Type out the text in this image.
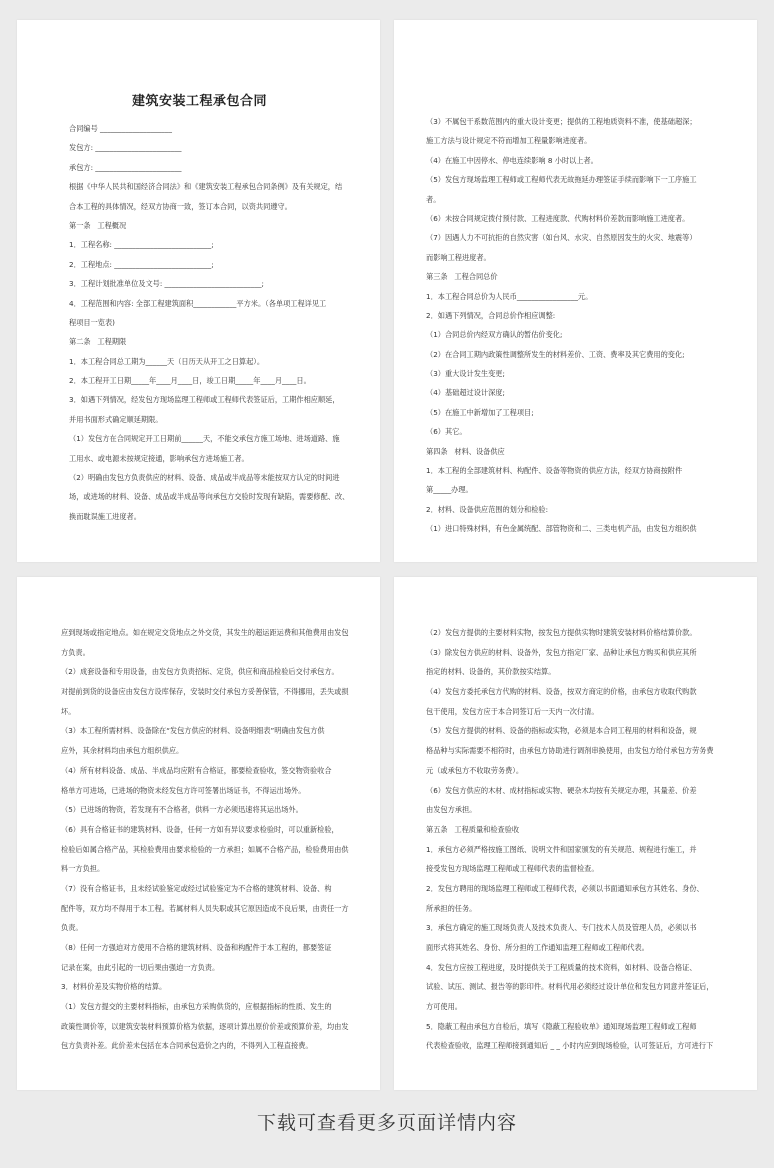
建筑安装工程承包合同
合同编号 ____________________
发包方: ________________________
承包方: ________________________
根据《中华人民共和国经济合同法》和《建筑安装工程承包合同条例》及有关规定，结
合本工程的具体情况，经双方协商一致，签订本合同，以资共同遵守。
第一条   工程概况
1．工程名称: ___________________________;
2．工程地点: ___________________________;
3．工程计划批准单位及文号: ___________________________;
4．工程范围和内容: 全部工程建筑面积____________平方米。（各单项工程详见工
程项目一览表)
第二条   工程期限
1．本工程合同总工期为______天（日历天从开工之日算起）。
2．本工程开工日期_____年____月____日，竣工日期_____年____月____日。
3．如遇下列情况，经发包方现场监理工程师或工程师代表签证后，工期作相应顺延，
并用书面形式确定顺延期限。
（1）发包方在合同规定开工日期前______天，不能交承包方施工场地、进场道路、施
工用水、或电源未按规定接通，影响承包方进场施工者。
（2）明确由发包方负责供应的材料、设备、成品或半成品等未能按双方认定的时间进
场，或进场的材料、设备、成品或半成品等向承包方交验时发现有缺陷，需要修配、改、
换而耽误施工进度者。
（3）不属包干系数范围内的重大设计变更；提供的工程地质资料不准，使基础超深；
施工方法与设计规定不符而增加工程量影响进度者。
（4）在施工中因停水、停电连续影响 8 小时以上者。
（5）发包方现场监理工程师或工程师代表无故拖延办理签证手续而影响下一工序施工
者。
（6）未按合同规定拨付预付款、工程进度款、代购材料价差款而影响施工进度者。
（7）因遇人力不可抗拒的自然灾害（如台风、水灾、自然原因发生的火灾、地震等）
而影响工程进度者。
第三条   工程合同总价
1．本工程合同总价为人民币_________________元。
2．如遇下列情况，合同总价作相应调整:
（1）合同总价内经双方确认的暂估价变化;
（2）在合同工期内政策性调整所发生的材料差价、工资、费率及其它费用的变化;
（3）重大设计发生变更;
（4）基础超过设计深度;
（5）在施工中新增加了工程项目;
（6）其它。
第四条   材料、设备供应
1．本工程的全部建筑材料、构配件、设备等物资的供应方法，经双方协商按附件
第_____办理。
2．材料、设备供应范围的划分和检验:
（1）进口特殊材料，有色金属统配、部管物资和二、三类电机产品，由发包方组织供
应到现场或指定地点。如在规定交货地点之外交货，其发生的超运距运费和其他费用由发包
方负责。
（2）成套设备和专用设备，由发包方负责招标、定货，供应和商品检验后交付承包方。
对提前到货的设备应由发包方设库保存，安装时交付承包方妥善保管，不得挪用，丢失或损
坏。
（3）本工程所需材料、设备除在“发包方供应的材料、设备明细表”明确由发包方供
应外，其余材料均由承包方组织供应。
（4）所有材料设备、成品、半成品均应附有合格证，都要检查验收，签交物资验收合
格单方可进场，已进场的物资未经发包方许可签署出场证书，不得运出场外。
（5）已进场的物资，若发现有不合格者，供料一方必须迅速将其运出场外。
（6）具有合格证书的建筑材料、设备，任何一方如有异议要求检验时，可以重新检验，
检验后如属合格产品，其检验费用由要求检验的一方承担；如属不合格产品，检验费用由供
料一方负担。
（7）没有合格证书，且未经试验鉴定或经过试验鉴定为不合格的建筑材料、设备、构
配件等，双方均不得用于本工程。若属材料人员失职或其它原因造成不良后果，由责任一方
负责。
（8）任何一方强迫对方使用不合格的建筑材料、设备和构配件于本工程的，都要签证
记录在案，由此引起的一切后果由强迫一方负责。
3．材料价差及实物价格的结算。
（1）发包方提交的主要材料指标，由承包方采购供货的，应根据指标的性质、发生的
政策性调价等，以建筑安装材料预算价格为依据，逐项计算出原价价差或预算价差，均由发
包方负责补差。此价差未包括在本合同承包造价之内的，不得列入工程直接费。
（2）发包方提供的主要材料实物，按发包方提供实物时建筑安装材料价格结算价款。
（3）除发包方供应的材料、设备外，发包方指定厂家、品种让承包方购买和供应其所
指定的材料、设备的，其价款按实结算。
（4）发包方委托承包方代购的材料、设备，按双方商定的价格，由承包方收取代购款
包干使用，发包方应于本合同签订后一天内一次付清。
（5）发包方提供的材料、设备的指标或实物，必须是本合同工程用的材料和设备，规
格品种与实际需要不相符时，由承包方协助进行调剂串换使用，由发包方给付承包方劳务费
元（或承包方不收取劳务费）。
（6）发包方供应的木材、成材指标或实物、硬杂木均按有关规定办理，其量差、价差
由发包方承担。
第五条   工程质量和检查验收
1．承包方必须严格按施工图纸、说明文件和国家颁发的有关规范、规程进行施工，并
接受发包方现场监理工程师或工程师代表的监督检查。
2．发包方聘用的现场监理工程师或工程师代表，必须以书面通知承包方其姓名、身份、
所承担的任务。
3．承包方确定的施工现场负责人及技术负责人、专门技术人员及管理人员，必须以书
面形式将其姓名、身份、所分担的工作通知监理工程师或工程师代表。
4．发包方应按工程进度，及时提供关于工程质量的技术资料，如材料、设备合格证、
试验、试压、测试、报告等的影印件。材料代用必须经过设计单位和发包方同意并签证后，
方可使用。
5．隐蔽工程由承包方自检后，填写《隐蔽工程验收单》通知现场监理工程师或工程师
代表检查验收，监理工程师接到通知后 _ _ 小时内应到现场检验，认可签证后，方可进行下
下载可查看更多页面详情内容
